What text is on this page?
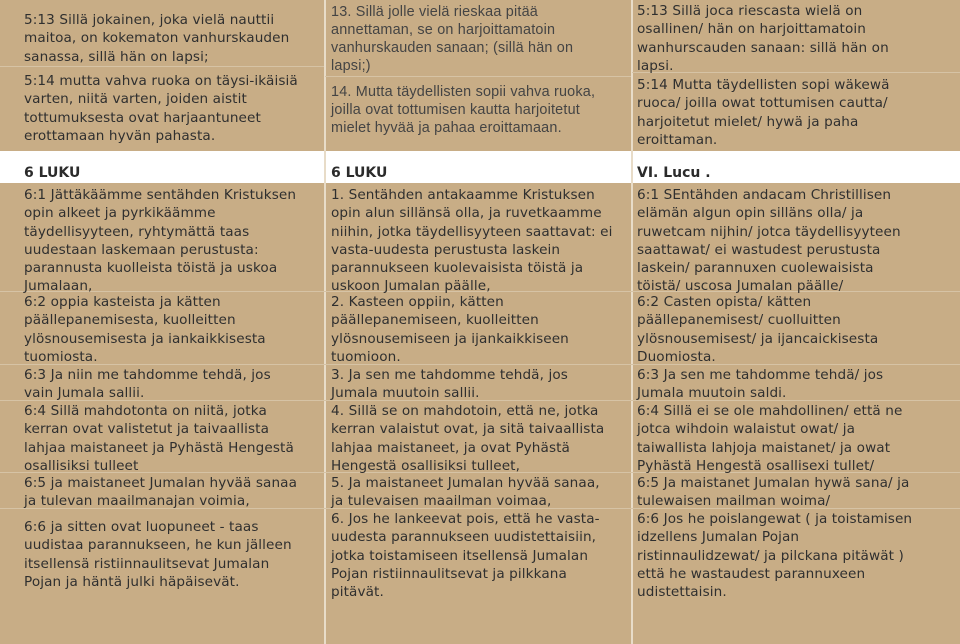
5:13 Sillä jokainen, joka vielä nauttii
maitoa, on kokematon vanhurskauden
sanassa, sillä hän on lapsi;

5:14 mutta vahva ruoka on täysi-ikäisiä
varten, niitä varten, joiden aistit
tottumuksesta ovat harjaantuneet
erottamaan hyvän pahasta.

13. Sillä jolle vielä rieskaa pitää
annettaman, se on harjoittamatoin
vanhurskauden sanaan; (sillä hän on
lapsi;)

14. Mutta täydellisten sopii vahva ruoka,
joilla ovat tottumisen kautta harjoitetut
mielet hyvää ja pahaa eroittamaan.

5:13 Sillä joca riescasta wielä on
osallinen/ hän on harjoittamatoin
wanhurscauden sanaan: sillä hän on
lapsi.

5:14 Mutta täydellisten sopi wäkewä
ruoca/ joilla owat tottumisen cautta/
harjoitetut mielet/ hywä ja paha
eroittaman.

6 LUKU	6 LUKU	VI. Lucu .

6:1 Jättäkäämme sentähden Kristuksen
opin alkeet ja pyrkikäämme
täydellisyyteen, ryhtymättä taas
uudestaan laskemaan perustusta:
parannusta kuolleista töistä ja uskoa
Jumalaan,

6:2 oppia kasteista ja kätten
päällepanemisesta, kuolleitten
ylösnousemisesta ja iankaikkisesta
tuomiosta.

6:3 Ja niin me tahdomme tehdä, jos
vain Jumala sallii.

6:4 Sillä mahdotonta on niitä, jotka
kerran ovat valistetut ja taivaallista
lahjaa maistaneet ja Pyhästä Hengestä
osallisiksi tulleet

6:5 ja maistaneet Jumalan hyvää sanaa
ja tulevan maailmanajan voimia,

6:6 ja sitten ovat luopuneet - taas
uudistaa parannukseen, he kun jälleen
itsellensä ristiinnaulitsevat Jumalan
Pojan ja häntä julki häpäisevät.

1. Sentähden antakaamme Kristuksen
opin alun sillänsä olla, ja ruvetkaamme
niihin, jotka täydellisyyteen saattavat: ei
vasta-uudesta perustusta laskein
parannukseen kuolevaisista töistä ja
uskoon Jumalan päälle,

2. Kasteen oppiin, kätten
päällepanemiseen, kuolleitten
ylösnousemiseen ja ijankaikkiseen
tuomioon.

3. Ja sen me tahdomme tehdä, jos
Jumala muutoin sallii.

4. Sillä se on mahdotoin, että ne, jotka
kerran valaistut ovat, ja sitä taivaallista
lahjaa maistaneet, ja ovat Pyhästä
Hengestä osallisiksi tulleet,

5. Ja maistaneet Jumalan hyvää sanaa,
ja tulevaisen maailman voimaa,

6. Jos he lankeevat pois, että he vasta-
uudesta parannukseen uudistettaisiin,
jotka toistamiseen itsellensä Jumalan
Pojan ristiinnaulitsevat ja pilkkana
pitävät.

6:1 SEntähden andacam Christillisen
elämän algun opin silläns olla/ ja
ruwetcam nijhin/ jotca täydellisyyteen
saattawat/ ei wastudest perustusta
laskein/ parannuxen cuolewaisista
töistä/ uscosa Jumalan päälle/

6:2 Casten opista/ kätten
päällepanemisest/ cuolluitten
ylösnousemisest/ ja ijancaickisesta
Duomiosta.

6:3 Ja sen me tahdomme tehdä/ jos
Jumala muutoin saldi.

6:4 Sillä ei se ole mahdollinen/ että ne
jotca wihdoin walaistut owat/ ja
taiwallista lahjoja maistanet/ ja owat
Pyhästä Hengestä osallisexi tullet/

6:5 Ja maistanet Jumalan hywä sana/ ja
tulewaisen mailman woima/

6:6 Jos he poislangewat ( ja toistamisen
idzellens Jumalan Pojan
ristinnaulidzewat/ ja pilckana pitäwät )
että he wastaudest parannuxeen
udistettaisin.
